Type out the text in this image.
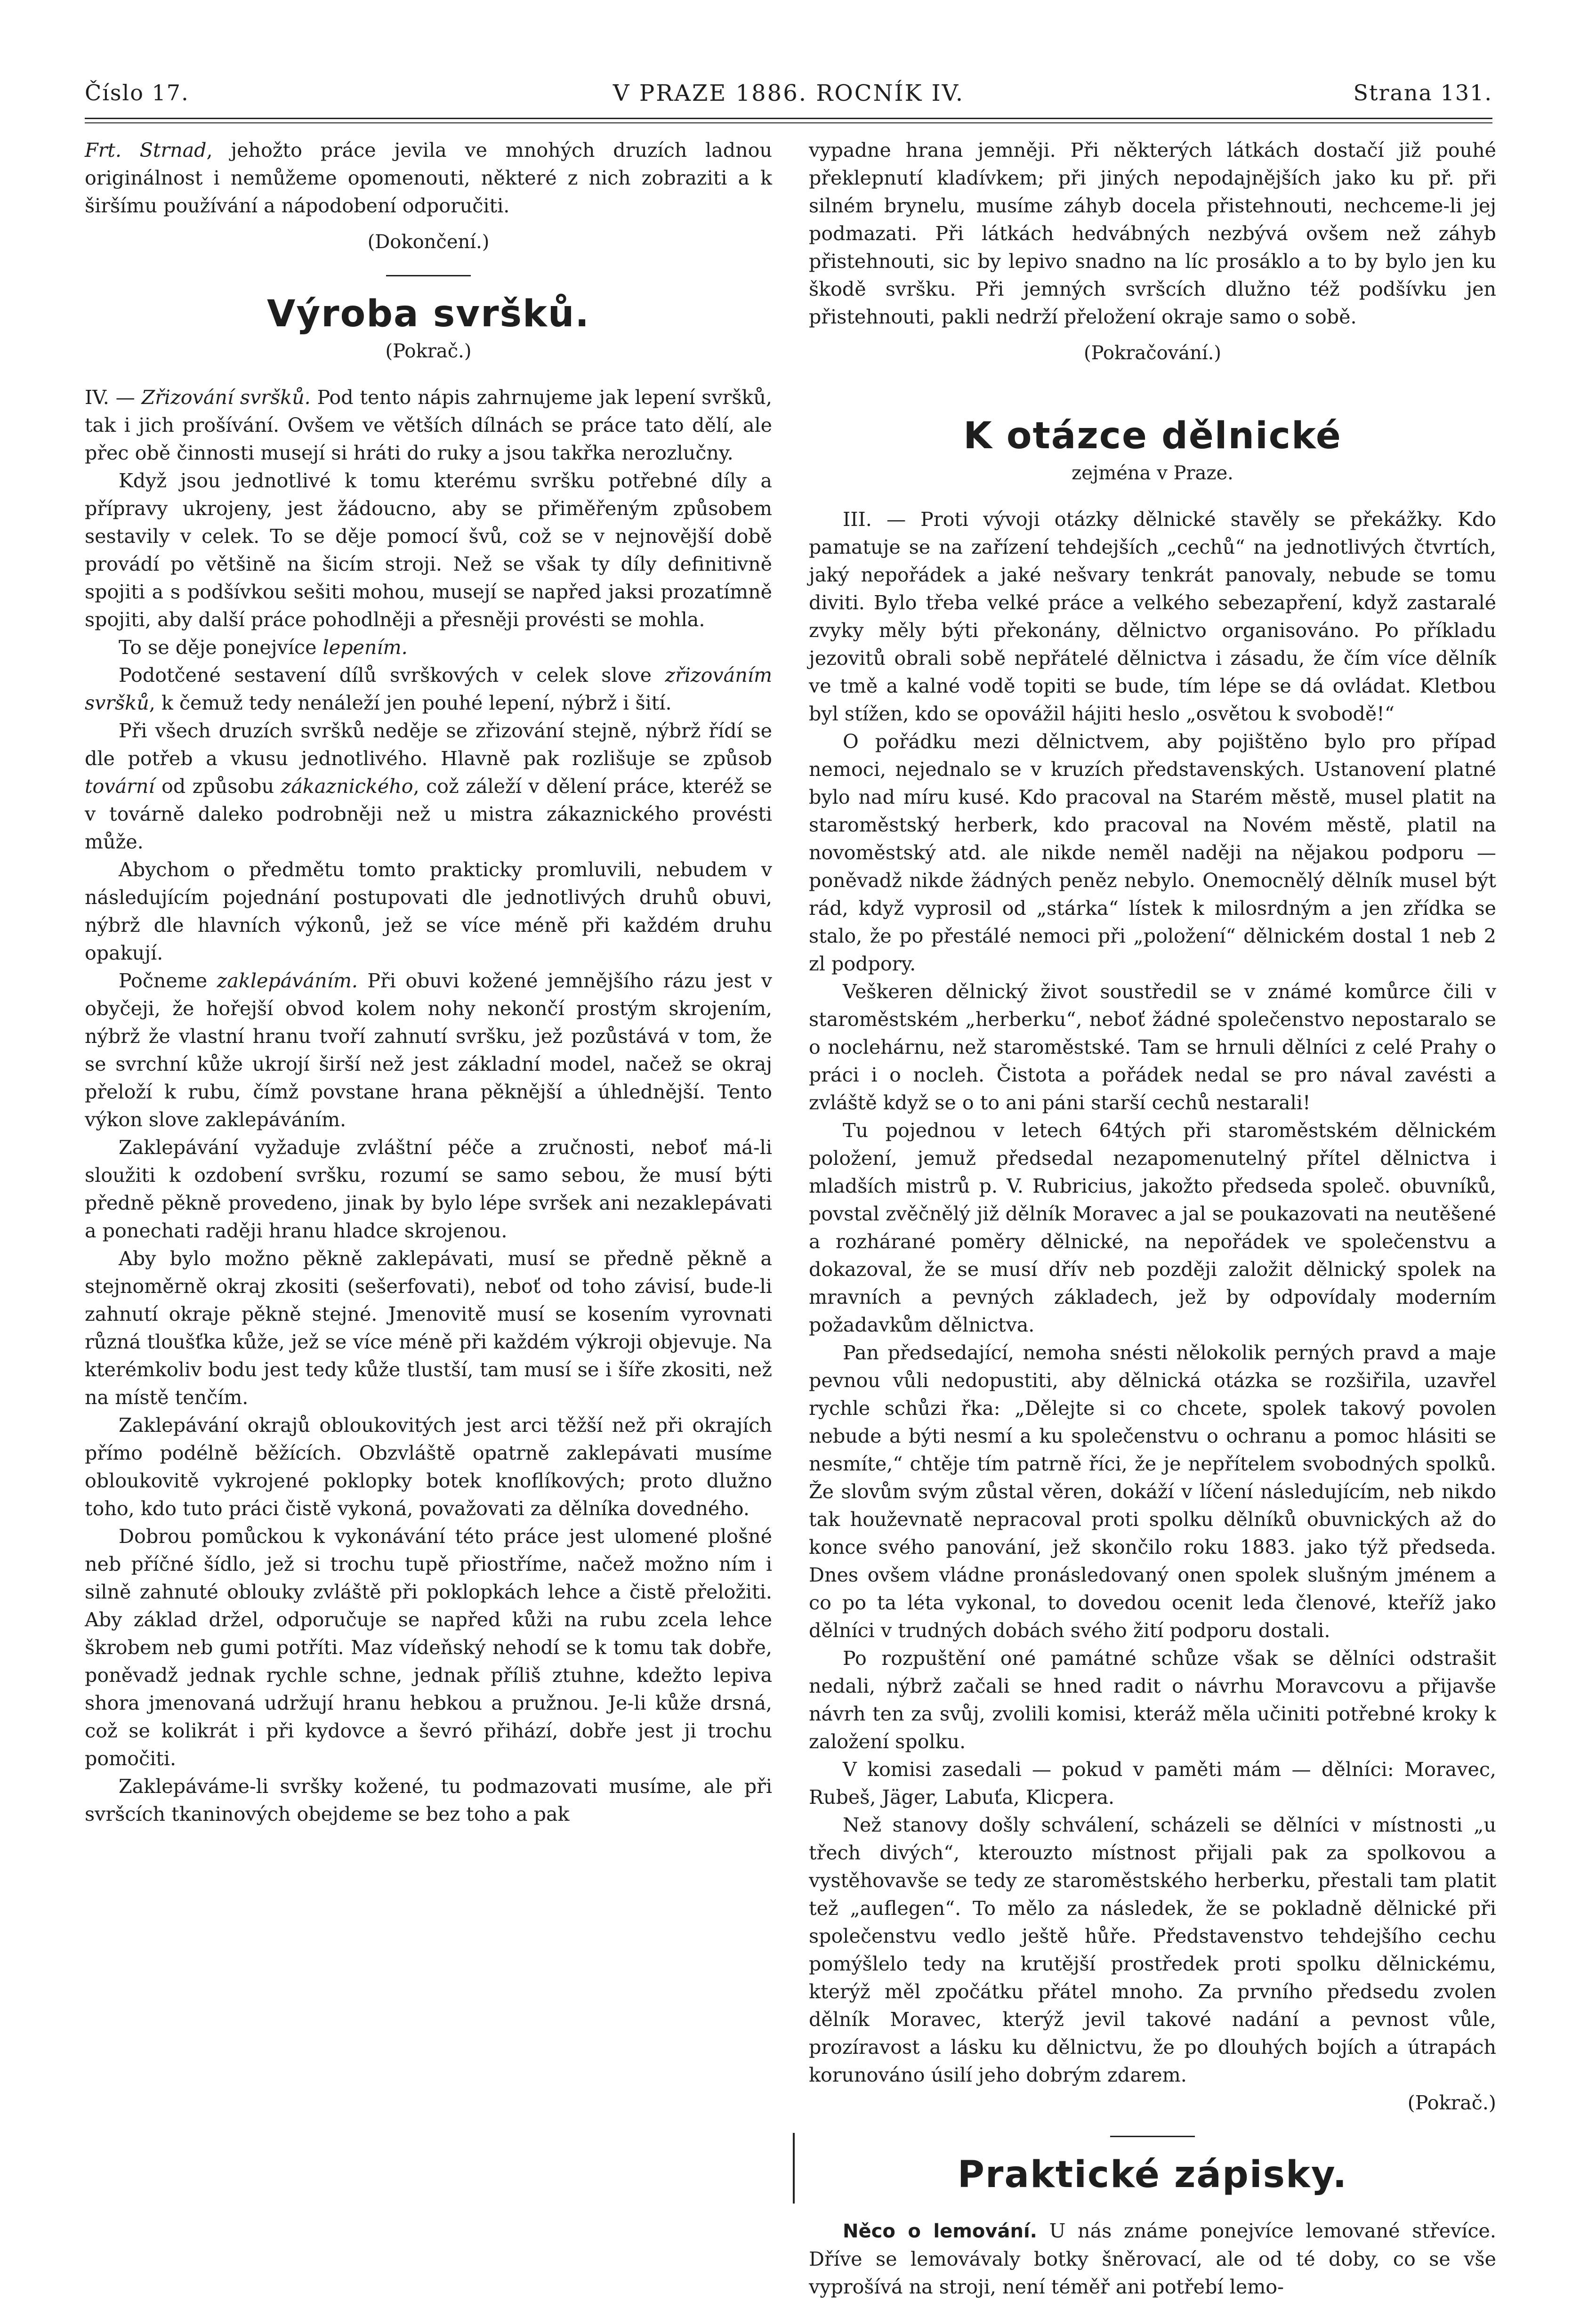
Číslo 17.	V PRAZE 1886. ROCNÍK IV.	Strana 131.

Frt. Strnad, jehožto práce jevila ve mnohých druzích ladnou originálnost i nemůžeme opomenouti, některé z nich zobraziti a k širšímu používání a nápodobení odporučiti.

(Dokončení.)
Výroba svršků.
(Pokrač.)

IV. — Zřizování svršků. Pod tento nápis zahrnujeme jak lepení svršků, tak i jich prošívání. Ovšem ve větších dílnách se práce tato dělí, ale přec obě činnosti musejí si hráti do ruky a jsou takřka nerozlučny.

Když jsou jednotlivé k tomu kterému svršku potřebné díly a přípravy ukrojeny, jest žádoucno, aby se přiměřeným způsobem sestavily v celek. To se děje pomocí švů, což se v nejnovější době provádí po většině na šicím stroji. Než se však ty díly definitivně spojiti a s podšívkou sešiti mohou, musejí se napřed jaksi prozatímně spojiti, aby další práce pohodlněji a přesněji provésti se mohla.

To se děje ponejvíce lepením.

Podotčené sestavení dílů svrškových v celek slove zřizováním svršků, k čemuž tedy nenáleží jen pouhé lepení, nýbrž i šití.

Při všech druzích svršků neděje se zřizování stejně, nýbrž řídí se dle potřeb a vkusu jednotlivého. Hlavně pak rozlišuje se způsob tovární od způsobu zákaznického, což záleží v dělení práce, kteréž se v továrně daleko podrobněji než u mistra zákaznického provésti může.

Abychom o předmětu tomto prakticky promluvili, nebudem v následujícím pojednání postupovati dle jednotlivých druhů obuvi, nýbrž dle hlavních výkonů, jež se více méně při každém druhu opakují.

Počneme zaklepáváním. Při obuvi kožené jemnějšího rázu jest v obyčeji, že hořejší obvod kolem nohy nekončí prostým skrojením, nýbrž že vlastní hranu tvoří zahnutí svršku, jež pozůstává v tom, že se svrchní kůže ukrojí širší než jest základní model, načež se okraj přeloží k rubu, čímž povstane hrana pěknější a úhlednější. Tento výkon slove zaklepáváním.

Zaklepávání vyžaduje zvláštní péče a zručnosti, neboť má-li sloužiti k ozdobení svršku, rozumí se samo sebou, že musí býti předně pěkně provedeno, jinak by bylo lépe svršek ani nezaklepávati a ponechati raději hranu hladce skrojenou.

Aby bylo možno pěkně zaklepávati, musí se předně pěkně a stejnoměrně okraj zkositi (sešerfovati), neboť od toho závisí, bude-li zahnutí okraje pěkně stejné. Jmenovitě musí se kosením vyrovnati různá tloušťka kůže, jež se více méně při každém výkroji objevuje. Na kterémkoliv bodu jest tedy kůže tlustší, tam musí se i šíře zkositi, než na místě tenčím.

Zaklepávání okrajů obloukovitých jest arci těžší než při okrajích přímo podélně běžících. Obzvláště opatrně zaklepávati musíme obloukovitě vykrojené poklopky botek knoflíkových; proto dlužno toho, kdo tuto práci čistě vykoná, považovati za dělníka dovedného.

Dobrou pomůckou k vykonávání této práce jest ulomené plošné neb příčné šídlo, jež si trochu tupě přiostříme, načež možno ním i silně zahnuté oblouky zvláště při poklopkách lehce a čistě přeložiti. Aby základ držel, odporučuje se napřed kůži na rubu zcela lehce škrobem neb gumi potříti. Maz vídeňský nehodí se k tomu tak dobře, poněvadž jednak rychle schne, jednak příliš ztuhne, kdežto lepiva shora jmenovaná udržují hranu hebkou a pružnou. Je-li kůže drsná, což se kolikrát i při kydovce a ševró přihází, dobře jest ji trochu pomočiti.

Zaklepáváme-li svršky kožené, tu podmazovati musíme, ale při svršcích tkaninových obejdeme se bez toho a pak

vypadne hrana jemněji. Při některých látkách dostačí již pouhé překlepnutí kladívkem; při jiných nepodajnějších jako ku př. při silném brynelu, musíme záhyb docela přistehnouti, nechceme-li jej podmazati. Při látkách hedvábných nezbývá ovšem než záhyb přistehnouti, sic by lepivo snadno na líc prosáklo a to by bylo jen ku škodě svršku. Při jemných svršcích dlužno též podšívku jen přistehnouti, pakli nedrží přeložení okraje samo o sobě.

(Pokračování.)
K otázce dělnické
zejména v Praze.

III. — Proti vývoji otázky dělnické stavěly se překážky. Kdo pamatuje se na zařízení tehdejších „cechů“ na jednotlivých čtvrtích, jaký nepořádek a jaké nešvary tenkrát panovaly, nebude se tomu diviti. Bylo třeba velké práce a velkého sebezapření, když zastaralé zvyky měly býti překonány, dělnictvo organisováno. Po příkladu jezovitů obrali sobě nepřátelé dělnictva i zásadu, že čím více dělník ve tmě a kalné vodě topiti se bude, tím lépe se dá ovládat. Kletbou byl stížen, kdo se opovážil hájiti heslo „osvětou k svobodě!“

O pořádku mezi dělnictvem, aby pojištěno bylo pro případ nemoci, nejednalo se v kruzích představenských. Ustanovení platné bylo nad míru kusé. Kdo pracoval na Starém městě, musel platit na staroměstský herberk, kdo pracoval na Novém městě, platil na novoměstský atd. ale nikde neměl naději na nějakou podporu — poněvadž nikde žádných peněz nebylo. Onemocnělý dělník musel být rád, když vyprosil od „stárka“ lístek k milosrdným a jen zřídka se stalo, že po přestálé nemoci při „položení“ dělnickém dostal 1 neb 2 zl podpory.

Veškeren dělnický život soustředil se v známé komůrce čili v staroměstském „herberku“, neboť žádné společenstvo nepostaralo se o noclehárnu, než staroměstské. Tam se hrnuli dělníci z celé Prahy o práci i o nocleh. Čistota a pořádek nedal se pro nával zavésti a zvláště když se o to ani páni starší cechů nestarali!

Tu pojednou v letech 64tých při staroměstském dělnickém položení, jemuž předsedal nezapomenutelný přítel dělnictva i mladších mistrů p. V. Rubricius, jakožto předseda společ. obuvníků, povstal zvěčnělý již dělník Moravec a jal se poukazovati na neutěšené a rozhárané poměry dělnické, na nepořádek ve společenstvu a dokazoval, že se musí dřív neb později založit dělnický spolek na mravních a pevných základech, jež by odpovídaly moderním požadavkům dělnictva.

Pan předsedající, nemoha snésti nělokolik perných pravd a maje pevnou vůli nedopustiti, aby dělnická otázka se rozšiřila, uzavřel rychle schůzi řka: „Dělejte si co chcete, spolek takový povolen nebude a býti nesmí a ku společenstvu o ochranu a pomoc hlásiti se nesmíte,“ chtěje tím patrně říci, že je nepřítelem svobodných spolků. Že slovům svým zůstal věren, dokáží v líčení následujícím, neb nikdo tak houževnatě nepracoval proti spolku dělníků obuvnických až do konce svého panování, jež skončilo roku 1883. jako týž předseda. Dnes ovšem vládne pronásledovaný onen spolek slušným jménem a co po ta léta vykonal, to dovedou ocenit leda členové, kteříž jako dělníci v trudných dobách svého žití podporu dostali.

Po rozpuštění oné památné schůze však se dělníci odstrašit nedali, nýbrž začali se hned radit o návrhu Moravcovu a přijavše návrh ten za svůj, zvolili komisi, kteráž měla učiniti potřebné kroky k založení spolku.

V komisi zasedali — pokud v paměti mám — dělníci: Moravec, Rubeš, Jäger, Labuťa, Klicpera.

Než stanovy došly schválení, scházeli se dělníci v místnosti „u třech divých“, kterouzto místnost přijali pak za spolkovou a vystěhovavše se tedy ze staroměstského herberku, přestali tam platit tež „auflegen“. To mělo za následek, že se pokladně dělnické při společenstvu vedlo ještě hůře. Představenstvo tehdejšího cechu pomýšlelo tedy na krutější prostředek proti spolku dělnickému, kterýž měl zpočátku přátel mnoho. Za prvního předsedu zvolen dělník Moravec, kterýž jevil takové nadání a pevnost vůle, prozíravost a lásku ku dělnictvu, že po dlouhých bojích a útrapách korunováno úsilí jeho dobrým zdarem.

(Pokrač.)

Praktické zápisky.

Něco o lemování. U nás známe ponejvíce lemované střevíce. Dříve se lemovávaly botky šněrovací, ale od té doby, co se vše vyprošívá na stroji, není téměř ani potřebí lemo-
